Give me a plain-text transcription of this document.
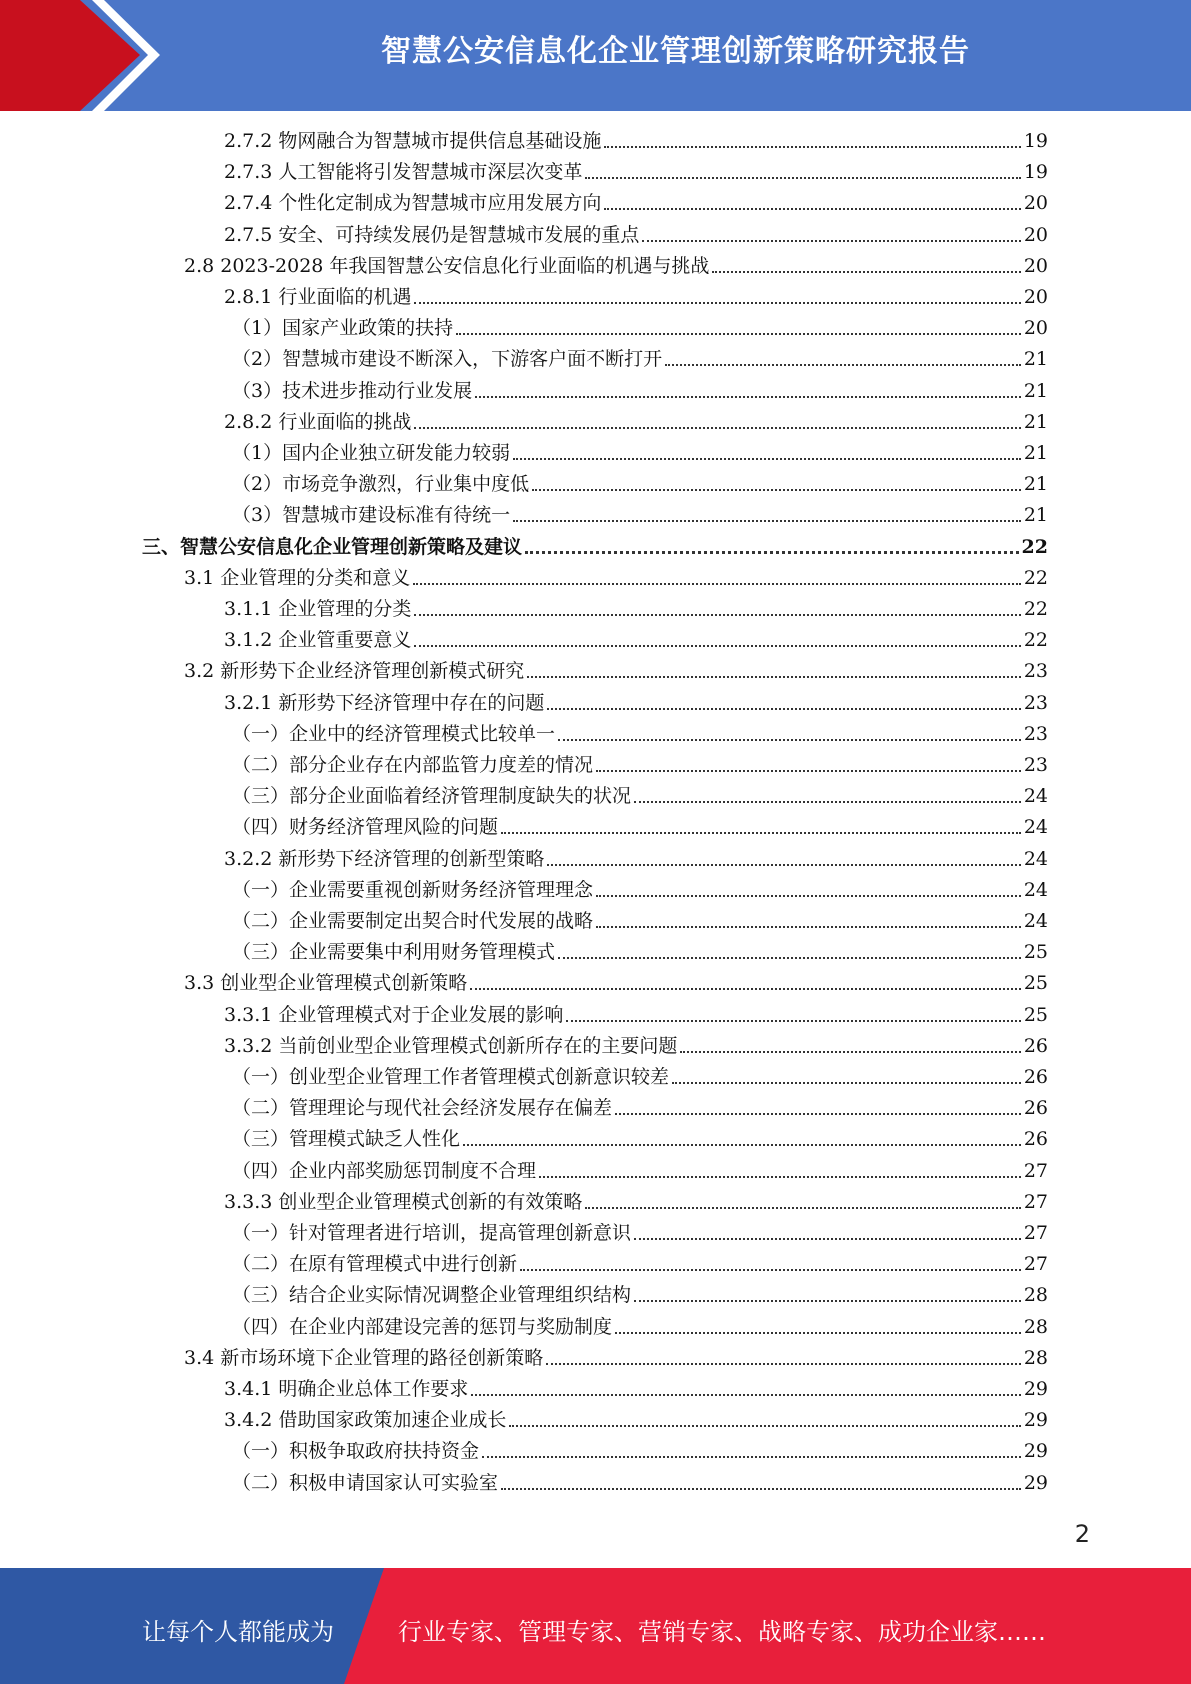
智慧公安信息化企业管理创新策略研究报告
2.7.2 物网融合为智慧城市提供信息基础设施	19
2.7.3 人工智能将引发智慧城市深层次变革	19
2.7.4 个性化定制成为智慧城市应用发展方向	20
2.7.5 安全、可持续发展仍是智慧城市发展的重点	20
2.8 2023-2028 年我国智慧公安信息化行业面临的机遇与挑战	20
2.8.1 行业面临的机遇	20
（1）国家产业政策的扶持	20
（2）智慧城市建设不断深入，下游客户面不断打开	21
（3）技术进步推动行业发展	21
2.8.2 行业面临的挑战	21
（1）国内企业独立研发能力较弱	21
（2）市场竞争激烈，行业集中度低	21
（3）智慧城市建设标准有待统一	21
三、智慧公安信息化企业管理创新策略及建议	22
3.1 企业管理的分类和意义	22
3.1.1 企业管理的分类	22
3.1.2 企业管重要意义	22
3.2 新形势下企业经济管理创新模式研究	23
3.2.1 新形势下经济管理中存在的问题	23
（一）企业中的经济管理模式比较单一	23
（二）部分企业存在内部监管力度差的情况	23
（三）部分企业面临着经济管理制度缺失的状况	24
（四）财务经济管理风险的问题	24
3.2.2 新形势下经济管理的创新型策略	24
（一）企业需要重视创新财务经济管理理念	24
（二）企业需要制定出契合时代发展的战略	24
（三）企业需要集中利用财务管理模式	25
3.3 创业型企业管理模式创新策略	25
3.3.1 企业管理模式对于企业发展的影响	25
3.3.2 当前创业型企业管理模式创新所存在的主要问题	26
（一）创业型企业管理工作者管理模式创新意识较差	26
（二）管理理论与现代社会经济发展存在偏差	26
（三）管理模式缺乏人性化	26
（四）企业内部奖励惩罚制度不合理	27
3.3.3 创业型企业管理模式创新的有效策略	27
（一）针对管理者进行培训，提高管理创新意识	27
（二）在原有管理模式中进行创新	27
（三）结合企业实际情况调整企业管理组织结构	28
（四）在企业内部建设完善的惩罚与奖励制度	28
3.4 新市场环境下企业管理的路径创新策略	28
3.4.1 明确企业总体工作要求	29
3.4.2 借助国家政策加速企业成长	29
（一）积极争取政府扶持资金	29
（二）积极申请国家认可实验室	29
2
让每个人都能成为	行业专家、管理专家、营销专家、战略专家、成功企业家……
